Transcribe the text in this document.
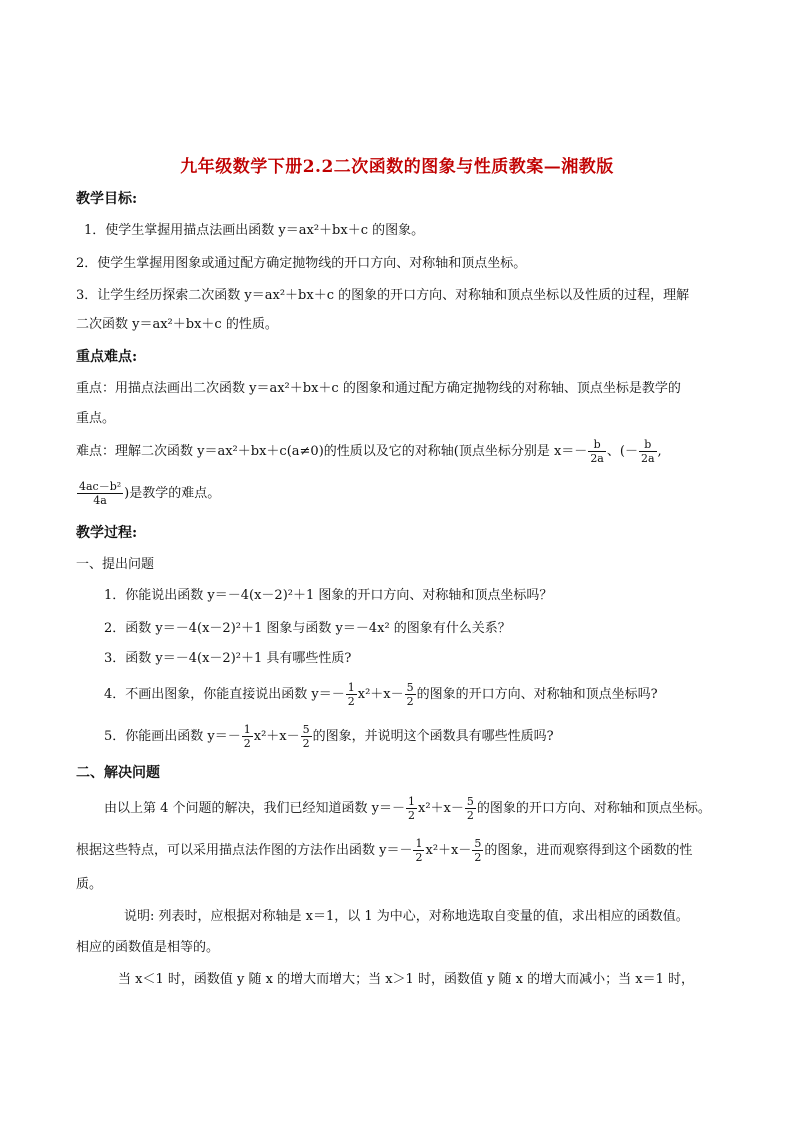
九年级数学下册2.2二次函数的图象与性质教案—湘教版
教学目标:
1．使学生掌握用描点法画出函数 y＝ax²＋bx＋c 的图象。
2．使学生掌握用图象或通过配方确定抛物线的开口方向、对称轴和顶点坐标。
3．让学生经历探索二次函数 y＝ax²＋bx＋c 的图象的开口方向、对称轴和顶点坐标以及性质的过程，理解
二次函数 y＝ax²＋bx＋c 的性质。
重点难点:
重点：用描点法画出二次函数 y＝ax²＋bx＋c 的图象和通过配方确定抛物线的对称轴、顶点坐标是教学的
重点。
难点：理解二次函数 y＝ax²＋bx＋c(a≠0)的性质以及它的对称轴(顶点坐标分别是 $x=- \frac{b}{2a}$ 、(－ $\frac{b}{2a}$ ,
$\frac{\text{4ac－b²}}{4a}$ )是教学的难点。
教学过程:
一、提出问题
1．你能说出函数 y＝－4(x－2)²＋1 图象的开口方向、对称轴和顶点坐标吗？
2．函数 y＝－4(x－2)²＋1 图象与函数 y＝－4x² 的图象有什么关系？
3．函数 y＝－4(x－2)²＋1 具有哪些性质?
4．不画出图象，你能直接说出函数 $y=- \frac{1}{2} x^2+x- \frac{5}{2}$ 的图象的开口方向、对称轴和顶点坐标吗?
5．你能画出函数 $y=- \frac{1}{2} x^2+x- \frac{5}{2}$ 的图象，并说明这个函数具有哪些性质吗?
二、解决问题
由以上第 4 个问题的解决，我们已经知道函数 $y=- \frac{1}{2} x^2+x- \frac{5}{2}$ 的图象的开口方向、对称轴和顶点坐标。
根据这些特点，可以采用描点法作图的方法作出函数 $y=- \frac{1}{2} x^2+x- \frac{5}{2}$ 的图象，进而观察得到这个函数的性
质。
说明: 列表时，应根据对称轴是 x＝1，以 1 为中心，对称地选取自变量的值，求出相应的函数值。
相应的函数值是相等的。
当 x＜1 时，函数值 y 随 x 的增大而增大；当 x＞1 时，函数值 y 随 x 的增大而减小；当 x＝1 时，
